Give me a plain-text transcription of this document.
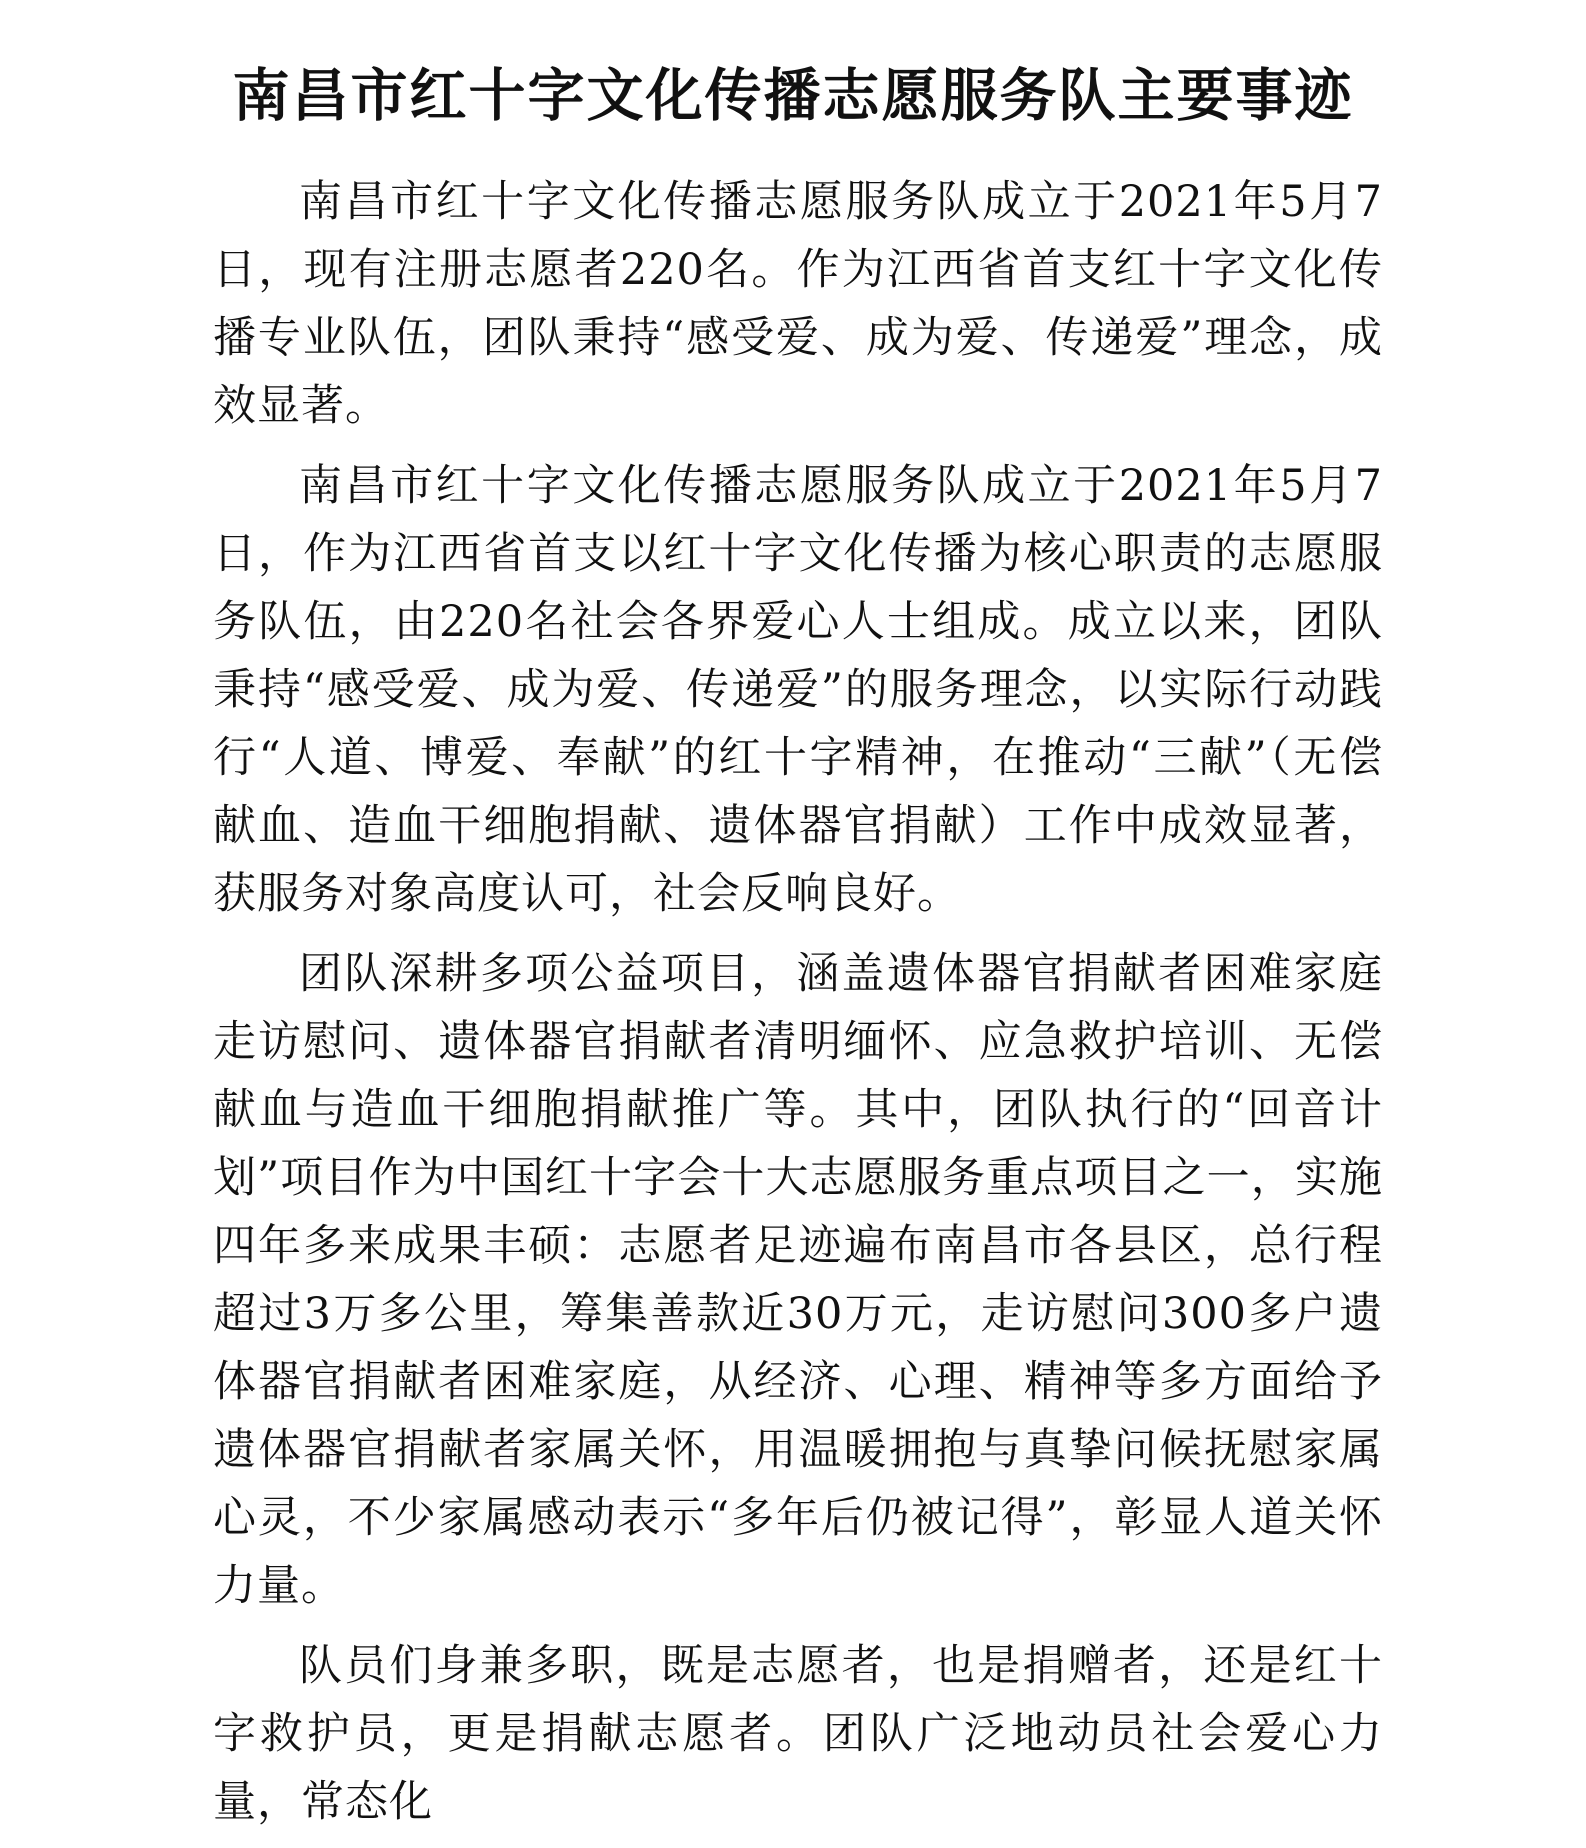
南昌市红十字文化传播志愿服务队主要事迹

南昌市红十字文化传播志愿服务队成立于2021年5月7日，现有注册志愿者220名。作为江西省首支红十字文化传播专业队伍，团队秉持“感受爱、成为爱、传递爱”理念，成效显著。

南昌市红十字文化传播志愿服务队成立于2021年5月7日，作为江西省首支以红十字文化传播为核心职责的志愿服务队伍，由220名社会各界爱心人士组成。成立以来，团队秉持“感受爱、成为爱、传递爱”的服务理念，以实际行动践行“人道、博爱、奉献”的红十字精神，在推动“三献”（无偿献血、造血干细胞捐献、遗体器官捐献）工作中成效显著，获服务对象高度认可，社会反响良好。

团队深耕多项公益项目，涵盖遗体器官捐献者困难家庭走访慰问、遗体器官捐献者清明缅怀、应急救护培训、无偿献血与造血干细胞捐献推广等。其中，团队执行的“回音计划”项目作为中国红十字会十大志愿服务重点项目之一，实施四年多来成果丰硕：志愿者足迹遍布南昌市各县区，总行程超过3万多公里，筹集善款近30万元，走访慰问300多户遗体器官捐献者困难家庭，从经济、心理、精神等多方面给予遗体器官捐献者家属关怀，用温暖拥抱与真挚问候抚慰家属心灵，不少家属感动表示“多年后仍被记得”，彰显人道关怀力量。

队员们身兼多职，既是志愿者，也是捐赠者，还是红十字救护员，更是捐献志愿者。团队广泛地动员社会爱心力量，常态化
